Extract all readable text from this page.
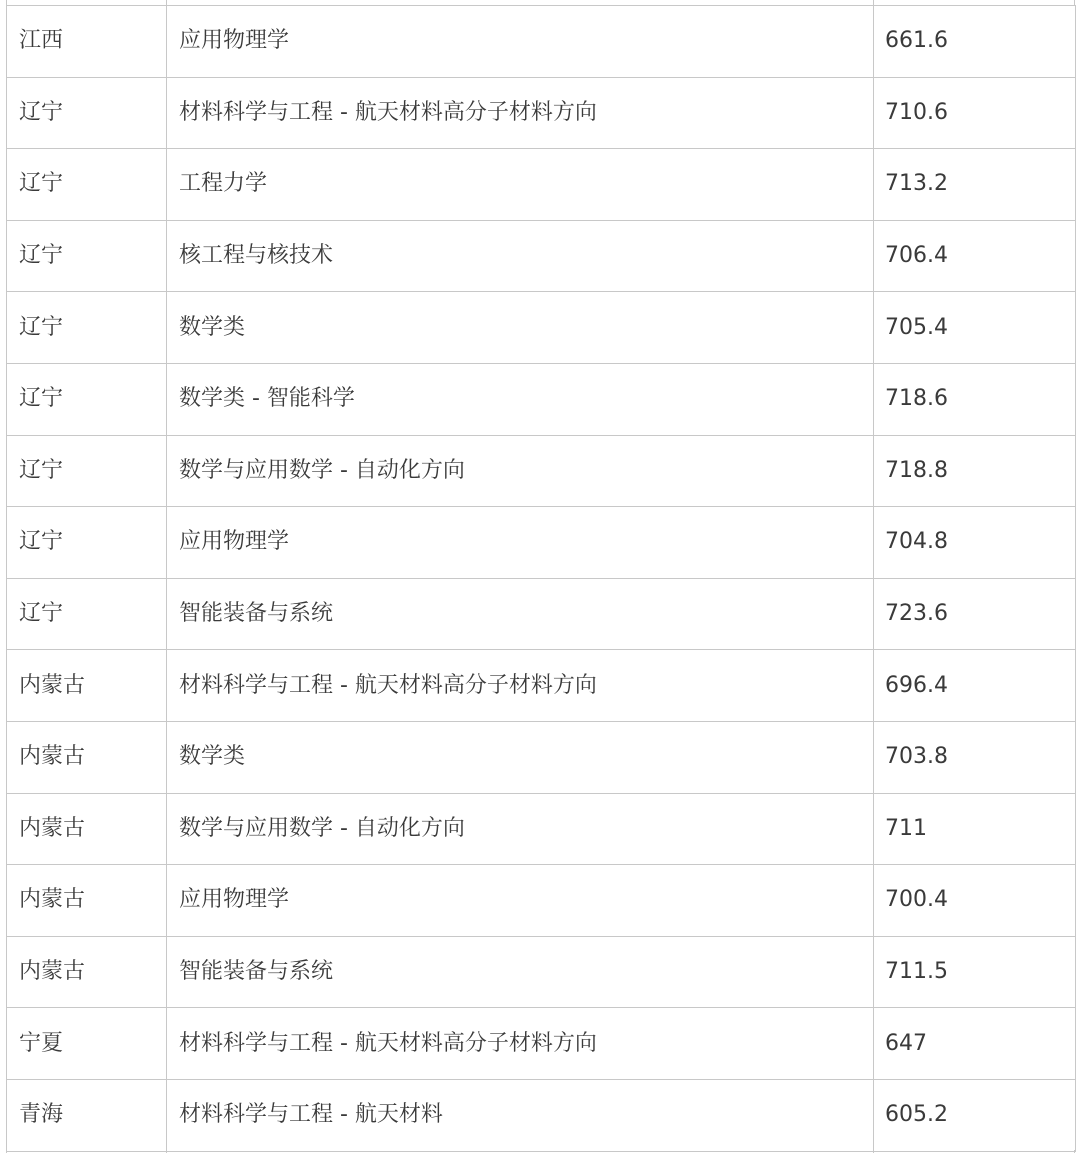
江西	应用物理学	661.6
辽宁	材料科学与工程 - 航天材料高分子材料方向	710.6
辽宁	工程力学	713.2
辽宁	核工程与核技术	706.4
辽宁	数学类	705.4
辽宁	数学类 - 智能科学	718.6
辽宁	数学与应用数学 - 自动化方向	718.8
辽宁	应用物理学	704.8
辽宁	智能装备与系统	723.6
内蒙古	材料科学与工程 - 航天材料高分子材料方向	696.4
内蒙古	数学类	703.8
内蒙古	数学与应用数学 - 自动化方向	711
内蒙古	应用物理学	700.4
内蒙古	智能装备与系统	711.5
宁夏	材料科学与工程 - 航天材料高分子材料方向	647
青海	材料科学与工程 - 航天材料	605.2
